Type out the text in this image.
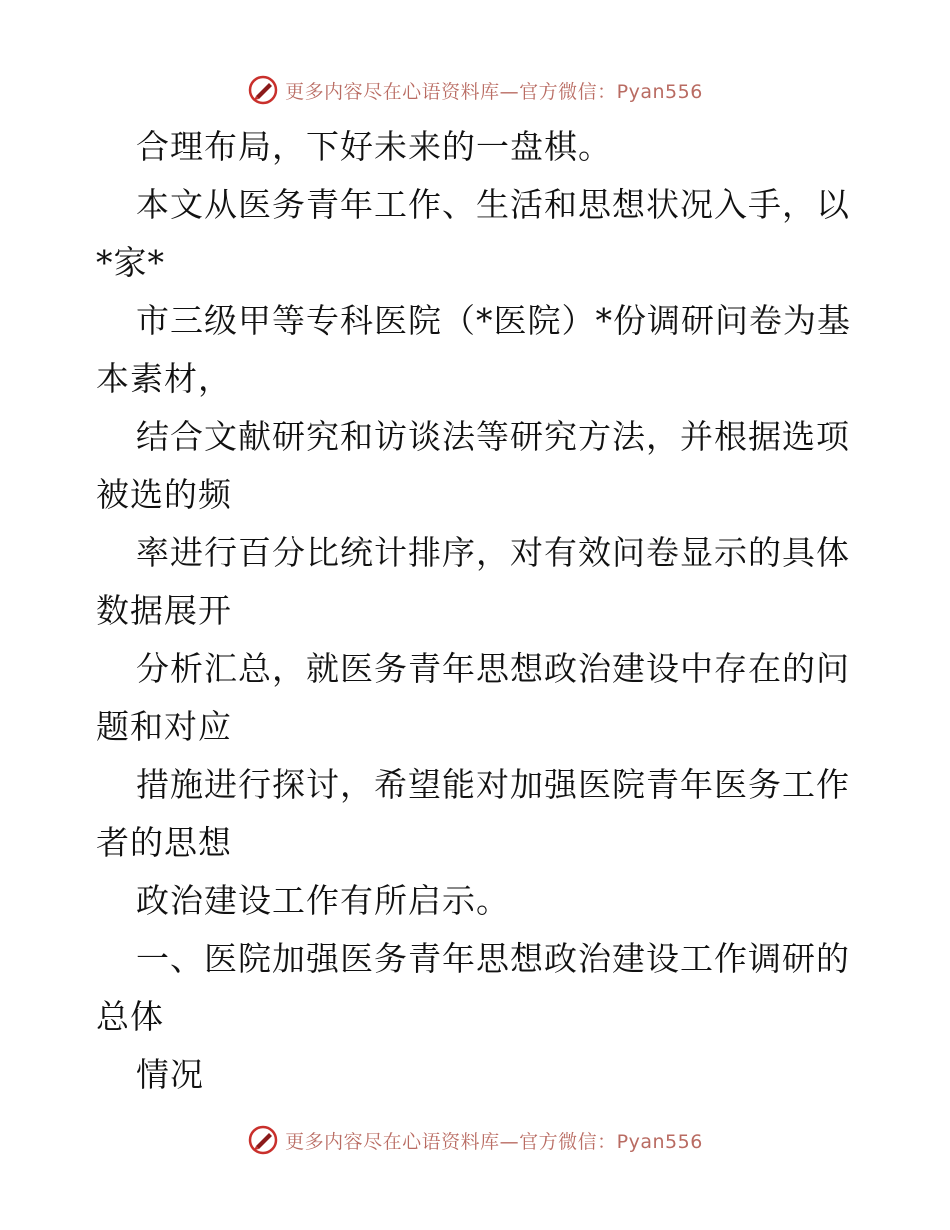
更多内容尽在心语资料库—官方微信：Pyan556
合理布局，下好未来的一盘棋。
本文从医务青年工作、生活和思想状况入手，以
*家*
市三级甲等专科医院（*医院）*份调研问卷为基
本素材，
结合文献研究和访谈法等研究方法，并根据选项
被选的频
率进行百分比统计排序，对有效问卷显示的具体
数据展开
分析汇总，就医务青年思想政治建设中存在的问
题和对应
措施进行探讨，希望能对加强医院青年医务工作
者的思想
政治建设工作有所启示。
一、医院加强医务青年思想政治建设工作调研的
总体
情况
更多内容尽在心语资料库—官方微信：Pyan556
